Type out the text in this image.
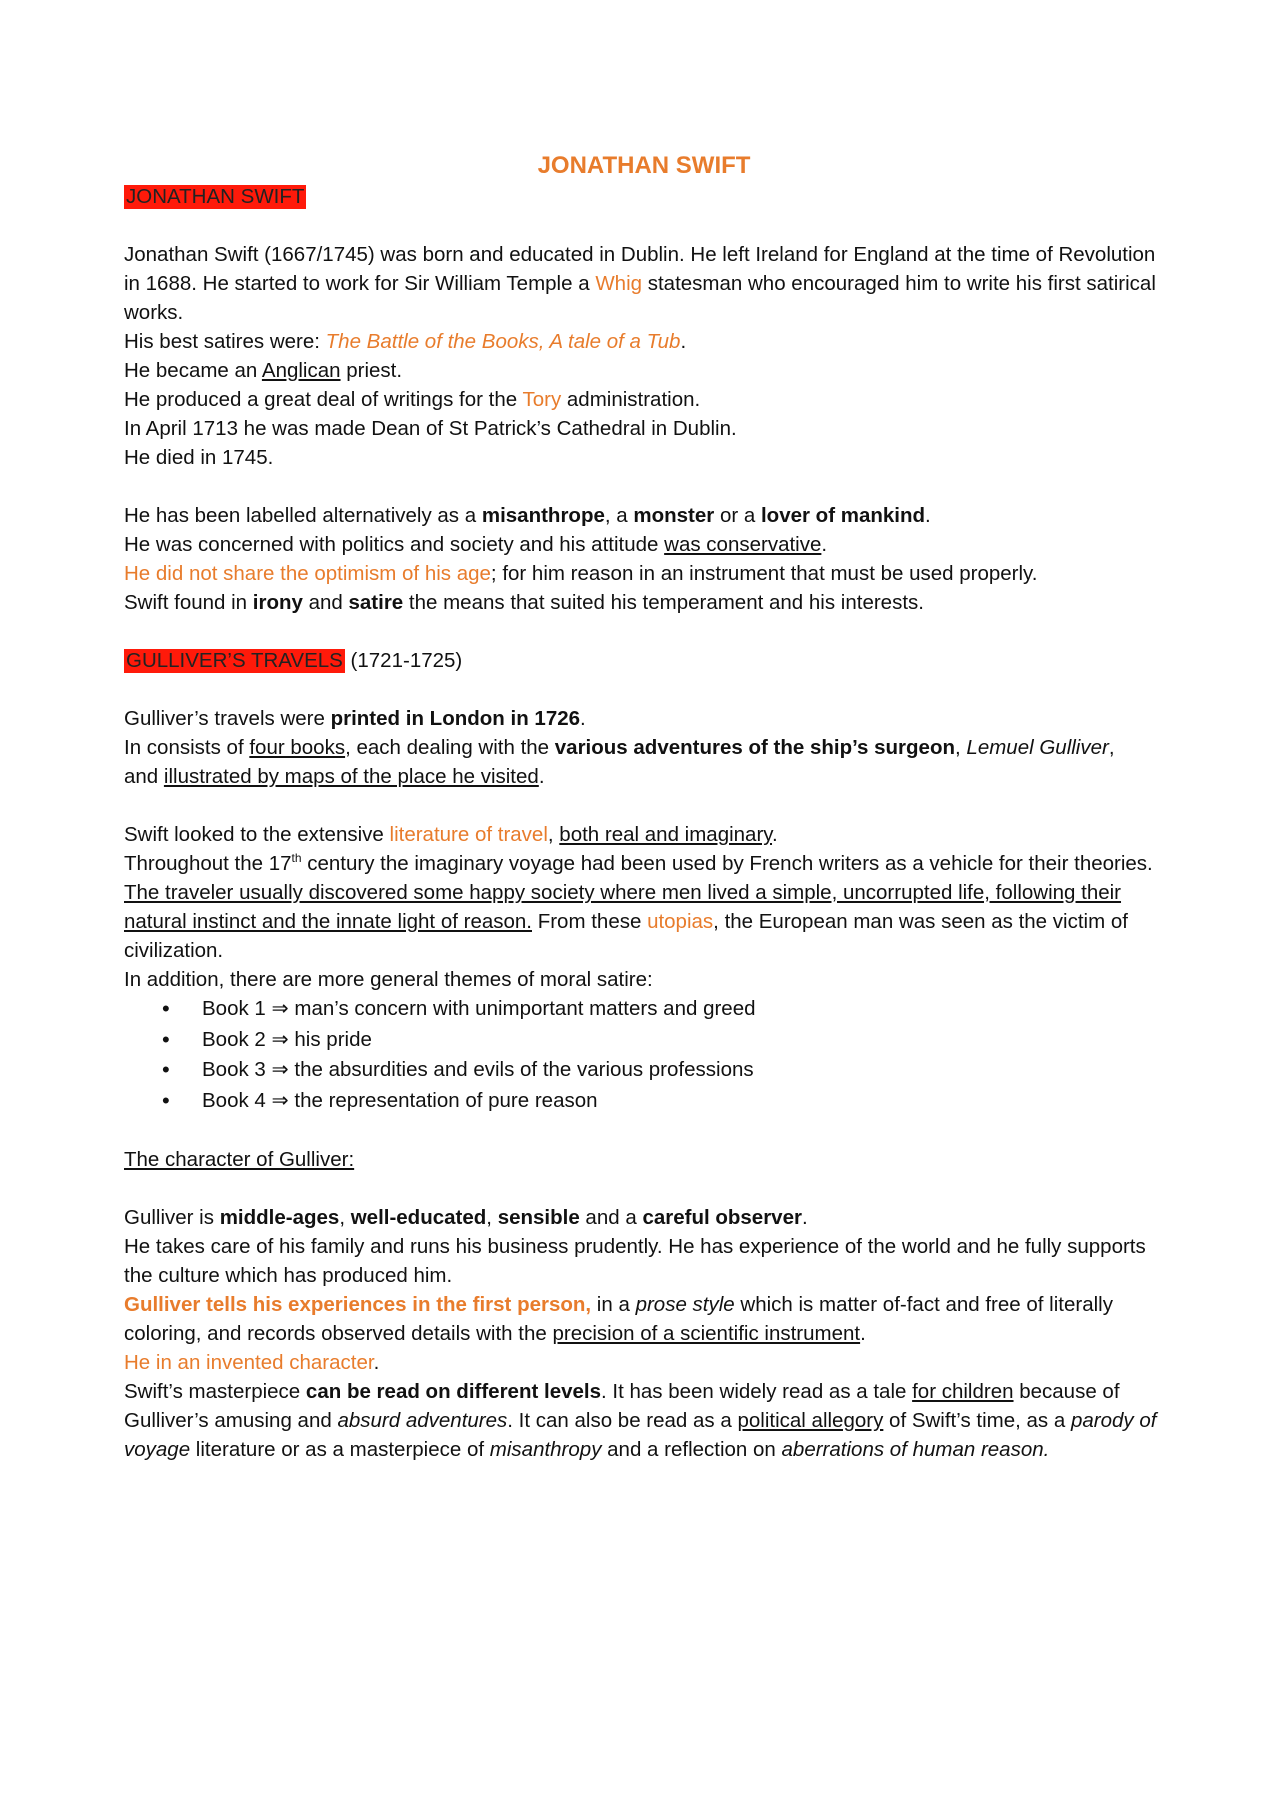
JONATHAN SWIFT

JONATHAN SWIFT

Jonathan Swift (1667/1745) was born and educated in Dublin. He left Ireland for England at the time of Revolution in 1688. He started to work for Sir William Temple a Whig statesman who encouraged him to write his first satirical works.

His best satires were: The Battle of the Books, A tale of a Tub.

He became an Anglican priest.

He produced a great deal of writings for the Tory administration.

In April 1713 he was made Dean of St Patrick’s Cathedral in Dublin.

He died in 1745.

He has been labelled alternatively as a misanthrope, a monster or a lover of mankind.

He was concerned with politics and society and his attitude was conservative.

He did not share the optimism of his age; for him reason in an instrument that must be used properly.

Swift found in irony and satire the means that suited his temperament and his interests.

GULLIVER’S TRAVELS (1721-1725)

Gulliver’s travels were printed in London in 1726.

In consists of four books, each dealing with the various adventures of the ship’s surgeon, Lemuel Gulliver,
and illustrated by maps of the place he visited.

Swift looked to the extensive literature of travel, both real and imaginary.

Throughout the 17th century the imaginary voyage had been used by French writers as a vehicle for their theories.

The traveler usually discovered some happy society where men lived a simple, uncorrupted life, following their natural instinct and the innate light of reason. From these utopias, the European man was seen as the victim of civilization.

In addition, there are more general themes of moral satire:

• Book 1 ⇒ man’s concern with unimportant matters and greed
• Book 2 ⇒ his pride
• Book 3 ⇒ the absurdities and evils of the various professions
• Book 4 ⇒ the representation of pure reason

The character of Gulliver:

Gulliver is middle-ages, well-educated, sensible and a careful observer.

He takes care of his family and runs his business prudently. He has experience of the world and he fully supports the culture which has produced him.

Gulliver tells his experiences in the first person, in a prose style which is matter of-fact and free of literally coloring, and records observed details with the precision of a scientific instrument.

He in an invented character.

Swift’s masterpiece can be read on different levels. It has been widely read as a tale for children because of Gulliver’s amusing and absurd adventures. It can also be read as a political allegory of Swift’s time, as a parody of voyage literature or as a masterpiece of misanthropy and a reflection on aberrations of human reason.
